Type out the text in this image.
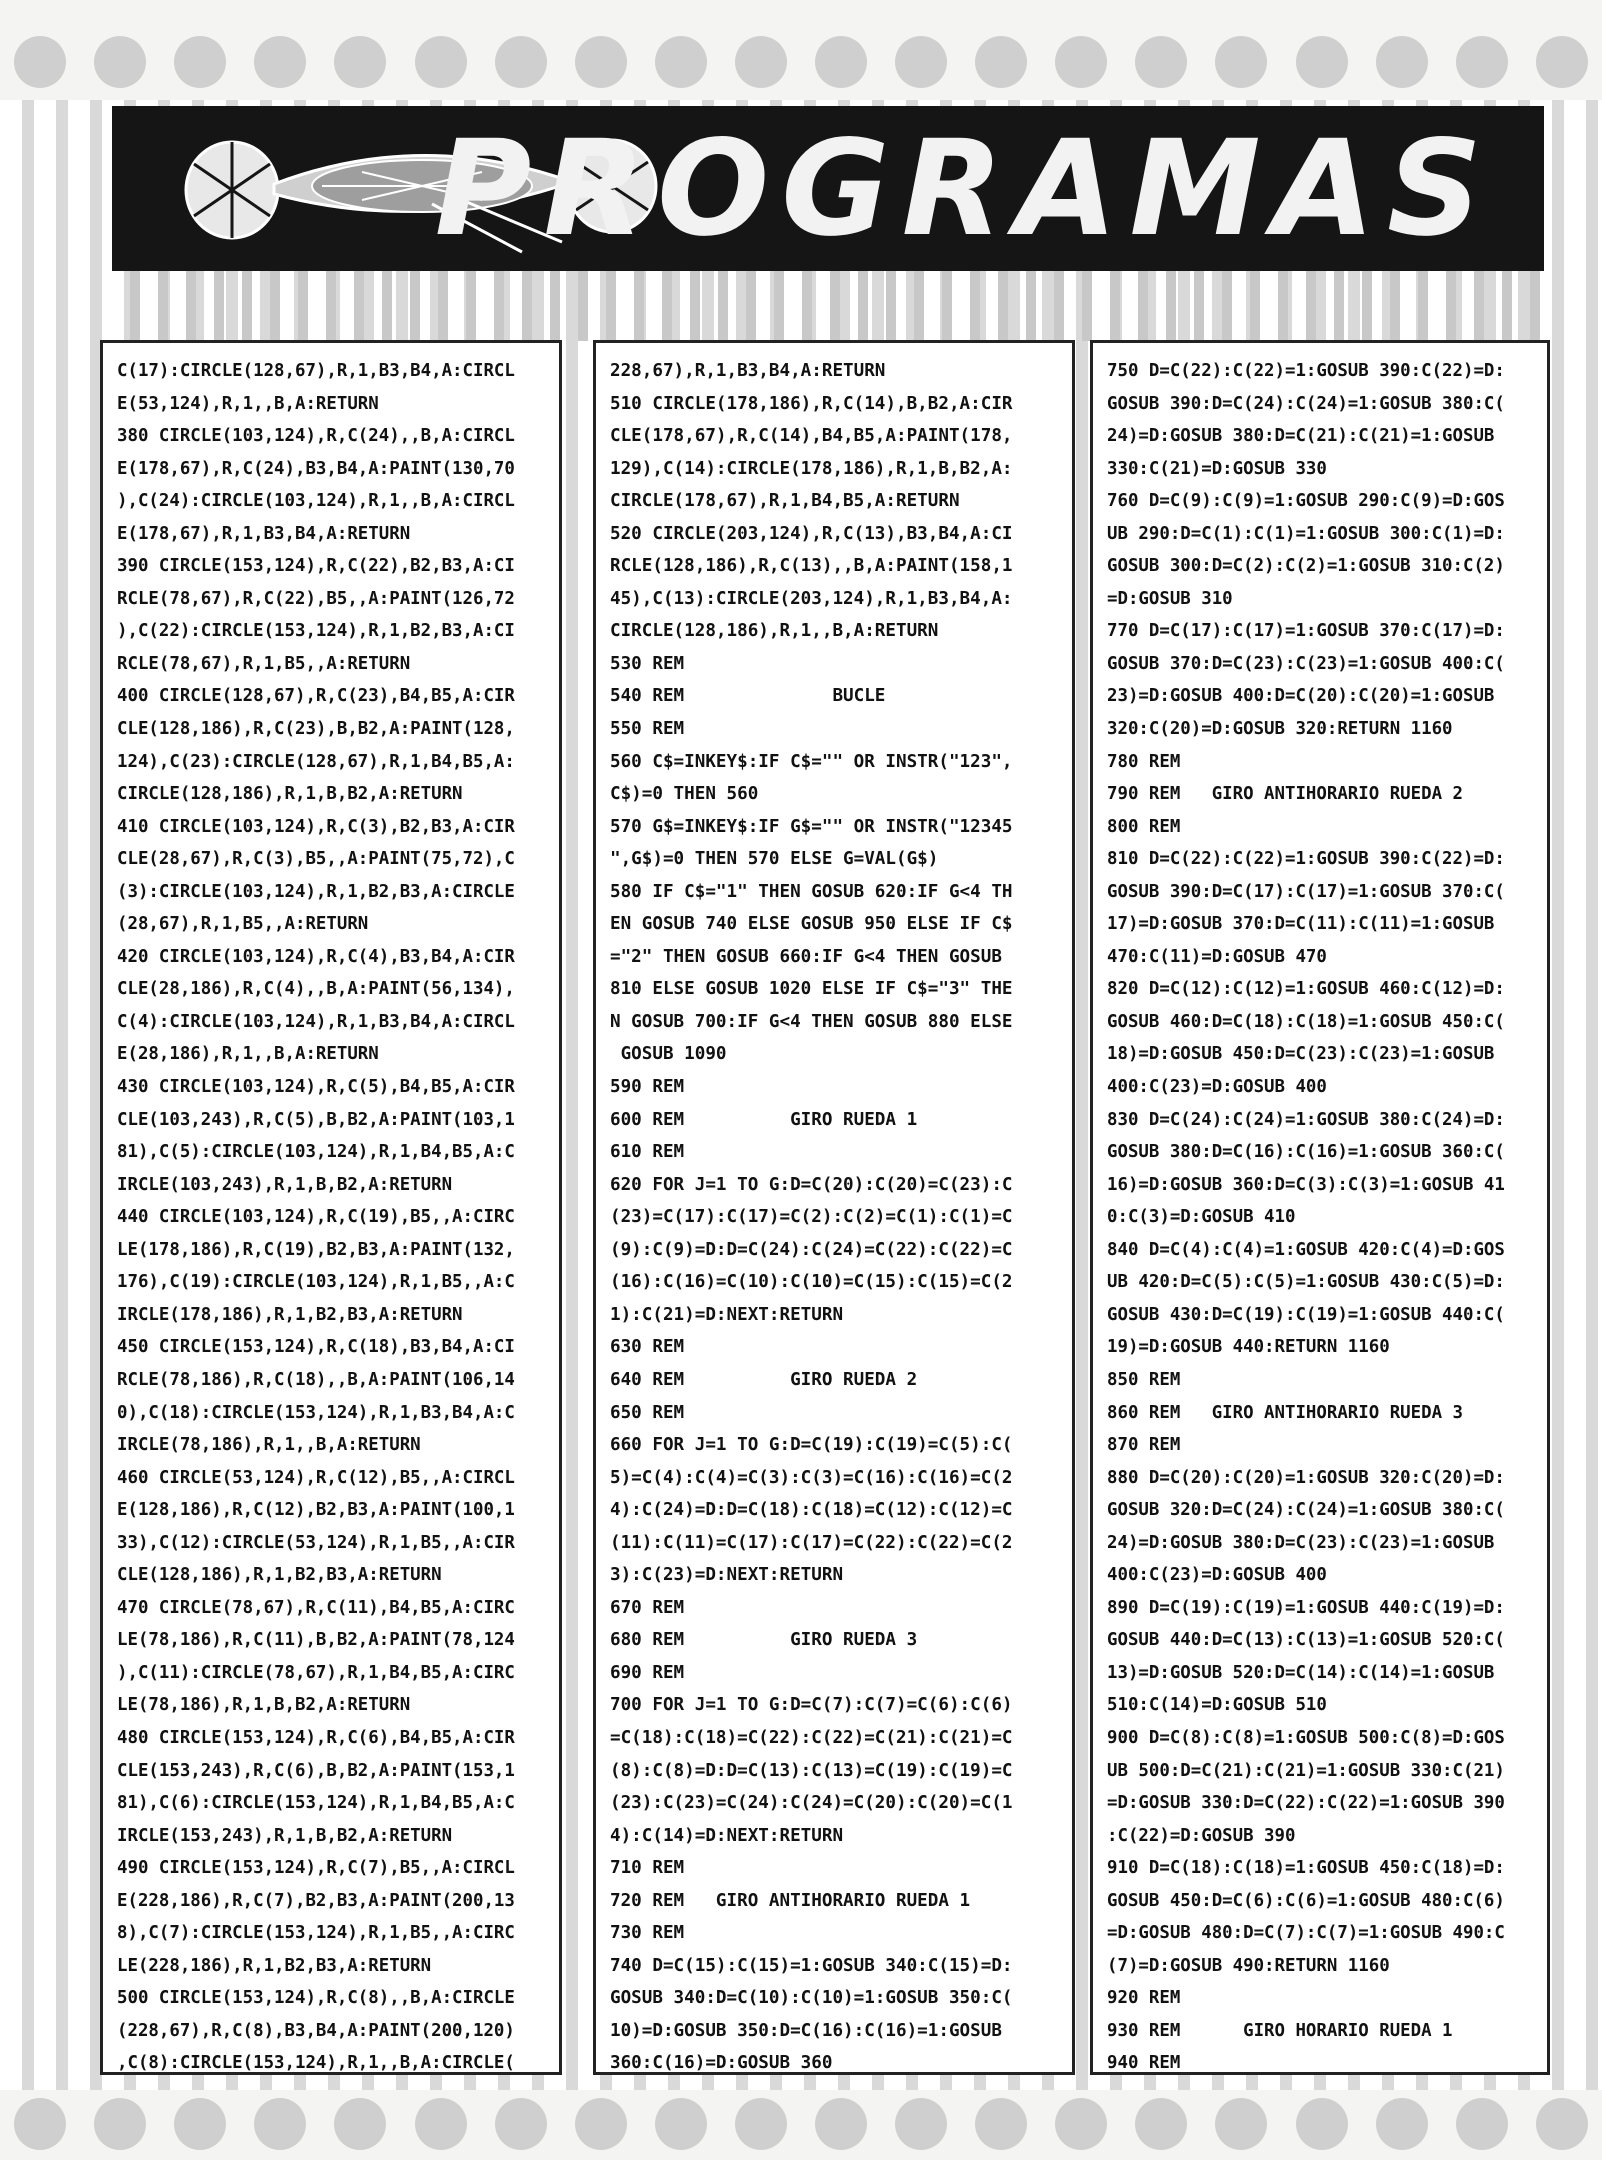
PROGRAMAS
C(17):CIRCLE(128,67),R,1,B3,B4,A:CIRCL
E(53,124),R,1,,B,A:RETURN
380 CIRCLE(103,124),R,C(24),,B,A:CIRCL
E(178,67),R,C(24),B3,B4,A:PAINT(130,70
),C(24):CIRCLE(103,124),R,1,,B,A:CIRCL
E(178,67),R,1,B3,B4,A:RETURN
390 CIRCLE(153,124),R,C(22),B2,B3,A:CI
RCLE(78,67),R,C(22),B5,,A:PAINT(126,72
),C(22):CIRCLE(153,124),R,1,B2,B3,A:CI
RCLE(78,67),R,1,B5,,A:RETURN
400 CIRCLE(128,67),R,C(23),B4,B5,A:CIR
CLE(128,186),R,C(23),B,B2,A:PAINT(128,
124),C(23):CIRCLE(128,67),R,1,B4,B5,A:
CIRCLE(128,186),R,1,B,B2,A:RETURN
410 CIRCLE(103,124),R,C(3),B2,B3,A:CIR
CLE(28,67),R,C(3),B5,,A:PAINT(75,72),C
(3):CIRCLE(103,124),R,1,B2,B3,A:CIRCLE
(28,67),R,1,B5,,A:RETURN
420 CIRCLE(103,124),R,C(4),B3,B4,A:CIR
CLE(28,186),R,C(4),,B,A:PAINT(56,134),
C(4):CIRCLE(103,124),R,1,B3,B4,A:CIRCL
E(28,186),R,1,,B,A:RETURN
430 CIRCLE(103,124),R,C(5),B4,B5,A:CIR
CLE(103,243),R,C(5),B,B2,A:PAINT(103,1
81),C(5):CIRCLE(103,124),R,1,B4,B5,A:C
IRCLE(103,243),R,1,B,B2,A:RETURN
440 CIRCLE(103,124),R,C(19),B5,,A:CIRC
LE(178,186),R,C(19),B2,B3,A:PAINT(132,
176),C(19):CIRCLE(103,124),R,1,B5,,A:C
IRCLE(178,186),R,1,B2,B3,A:RETURN
450 CIRCLE(153,124),R,C(18),B3,B4,A:CI
RCLE(78,186),R,C(18),,B,A:PAINT(106,14
0),C(18):CIRCLE(153,124),R,1,B3,B4,A:C
IRCLE(78,186),R,1,,B,A:RETURN
460 CIRCLE(53,124),R,C(12),B5,,A:CIRCL
E(128,186),R,C(12),B2,B3,A:PAINT(100,1
33),C(12):CIRCLE(53,124),R,1,B5,,A:CIR
CLE(128,186),R,1,B2,B3,A:RETURN
470 CIRCLE(78,67),R,C(11),B4,B5,A:CIRC
LE(78,186),R,C(11),B,B2,A:PAINT(78,124
),C(11):CIRCLE(78,67),R,1,B4,B5,A:CIRC
LE(78,186),R,1,B,B2,A:RETURN
480 CIRCLE(153,124),R,C(6),B4,B5,A:CIR
CLE(153,243),R,C(6),B,B2,A:PAINT(153,1
81),C(6):CIRCLE(153,124),R,1,B4,B5,A:C
IRCLE(153,243),R,1,B,B2,A:RETURN
490 CIRCLE(153,124),R,C(7),B5,,A:CIRCL
E(228,186),R,C(7),B2,B3,A:PAINT(200,13
8),C(7):CIRCLE(153,124),R,1,B5,,A:CIRC
LE(228,186),R,1,B2,B3,A:RETURN
500 CIRCLE(153,124),R,C(8),,B,A:CIRCLE
(228,67),R,C(8),B3,B4,A:PAINT(200,120)
,C(8):CIRCLE(153,124),R,1,,B,A:CIRCLE(
228,67),R,1,B3,B4,A:RETURN
510 CIRCLE(178,186),R,C(14),B,B2,A:CIR
CLE(178,67),R,C(14),B4,B5,A:PAINT(178,
129),C(14):CIRCLE(178,186),R,1,B,B2,A:
CIRCLE(178,67),R,1,B4,B5,A:RETURN
520 CIRCLE(203,124),R,C(13),B3,B4,A:CI
RCLE(128,186),R,C(13),,B,A:PAINT(158,1
45),C(13):CIRCLE(203,124),R,1,B3,B4,A:
CIRCLE(128,186),R,1,,B,A:RETURN
530 REM
540 REM              BUCLE
550 REM
560 C$=INKEY$:IF C$="" OR INSTR("123",
C$)=0 THEN 560
570 G$=INKEY$:IF G$="" OR INSTR("12345
",G$)=0 THEN 570 ELSE G=VAL(G$)
580 IF C$="1" THEN GOSUB 620:IF G<4 TH
EN GOSUB 740 ELSE GOSUB 950 ELSE IF C$
="2" THEN GOSUB 660:IF G<4 THEN GOSUB
810 ELSE GOSUB 1020 ELSE IF C$="3" THE
N GOSUB 700:IF G<4 THEN GOSUB 880 ELSE
GOSUB 1090
590 REM
600 REM          GIRO RUEDA 1
610 REM
620 FOR J=1 TO G:D=C(20):C(20)=C(23):C
(23)=C(17):C(17)=C(2):C(2)=C(1):C(1)=C
(9):C(9)=D:D=C(24):C(24)=C(22):C(22)=C
(16):C(16)=C(10):C(10)=C(15):C(15)=C(2
1):C(21)=D:NEXT:RETURN
630 REM
640 REM          GIRO RUEDA 2
650 REM
660 FOR J=1 TO G:D=C(19):C(19)=C(5):C(
5)=C(4):C(4)=C(3):C(3)=C(16):C(16)=C(2
4):C(24)=D:D=C(18):C(18)=C(12):C(12)=C
(11):C(11)=C(17):C(17)=C(22):C(22)=C(2
3):C(23)=D:NEXT:RETURN
670 REM
680 REM          GIRO RUEDA 3
690 REM
700 FOR J=1 TO G:D=C(7):C(7)=C(6):C(6)
=C(18):C(18)=C(22):C(22)=C(21):C(21)=C
(8):C(8)=D:D=C(13):C(13)=C(19):C(19)=C
(23):C(23)=C(24):C(24)=C(20):C(20)=C(1
4):C(14)=D:NEXT:RETURN
710 REM
720 REM   GIRO ANTIHORARIO RUEDA 1
730 REM
740 D=C(15):C(15)=1:GOSUB 340:C(15)=D:
GOSUB 340:D=C(10):C(10)=1:GOSUB 350:C(
10)=D:GOSUB 350:D=C(16):C(16)=1:GOSUB
360:C(16)=D:GOSUB 360
750 D=C(22):C(22)=1:GOSUB 390:C(22)=D:
GOSUB 390:D=C(24):C(24)=1:GOSUB 380:C(
24)=D:GOSUB 380:D=C(21):C(21)=1:GOSUB
330:C(21)=D:GOSUB 330
760 D=C(9):C(9)=1:GOSUB 290:C(9)=D:GOS
UB 290:D=C(1):C(1)=1:GOSUB 300:C(1)=D:
GOSUB 300:D=C(2):C(2)=1:GOSUB 310:C(2)
=D:GOSUB 310
770 D=C(17):C(17)=1:GOSUB 370:C(17)=D:
GOSUB 370:D=C(23):C(23)=1:GOSUB 400:C(
23)=D:GOSUB 400:D=C(20):C(20)=1:GOSUB
320:C(20)=D:GOSUB 320:RETURN 1160
780 REM
790 REM   GIRO ANTIHORARIO RUEDA 2
800 REM
810 D=C(22):C(22)=1:GOSUB 390:C(22)=D:
GOSUB 390:D=C(17):C(17)=1:GOSUB 370:C(
17)=D:GOSUB 370:D=C(11):C(11)=1:GOSUB
470:C(11)=D:GOSUB 470
820 D=C(12):C(12)=1:GOSUB 460:C(12)=D:
GOSUB 460:D=C(18):C(18)=1:GOSUB 450:C(
18)=D:GOSUB 450:D=C(23):C(23)=1:GOSUB
400:C(23)=D:GOSUB 400
830 D=C(24):C(24)=1:GOSUB 380:C(24)=D:
GOSUB 380:D=C(16):C(16)=1:GOSUB 360:C(
16)=D:GOSUB 360:D=C(3):C(3)=1:GOSUB 41
0:C(3)=D:GOSUB 410
840 D=C(4):C(4)=1:GOSUB 420:C(4)=D:GOS
UB 420:D=C(5):C(5)=1:GOSUB 430:C(5)=D:
GOSUB 430:D=C(19):C(19)=1:GOSUB 440:C(
19)=D:GOSUB 440:RETURN 1160
850 REM
860 REM   GIRO ANTIHORARIO RUEDA 3
870 REM
880 D=C(20):C(20)=1:GOSUB 320:C(20)=D:
GOSUB 320:D=C(24):C(24)=1:GOSUB 380:C(
24)=D:GOSUB 380:D=C(23):C(23)=1:GOSUB
400:C(23)=D:GOSUB 400
890 D=C(19):C(19)=1:GOSUB 440:C(19)=D:
GOSUB 440:D=C(13):C(13)=1:GOSUB 520:C(
13)=D:GOSUB 520:D=C(14):C(14)=1:GOSUB
510:C(14)=D:GOSUB 510
900 D=C(8):C(8)=1:GOSUB 500:C(8)=D:GOS
UB 500:D=C(21):C(21)=1:GOSUB 330:C(21)
=D:GOSUB 330:D=C(22):C(22)=1:GOSUB 390
:C(22)=D:GOSUB 390
910 D=C(18):C(18)=1:GOSUB 450:C(18)=D:
GOSUB 450:D=C(6):C(6)=1:GOSUB 480:C(6)
=D:GOSUB 480:D=C(7):C(7)=1:GOSUB 490:C
(7)=D:GOSUB 490:RETURN 1160
920 REM
930 REM      GIRO HORARIO RUEDA 1
940 REM
